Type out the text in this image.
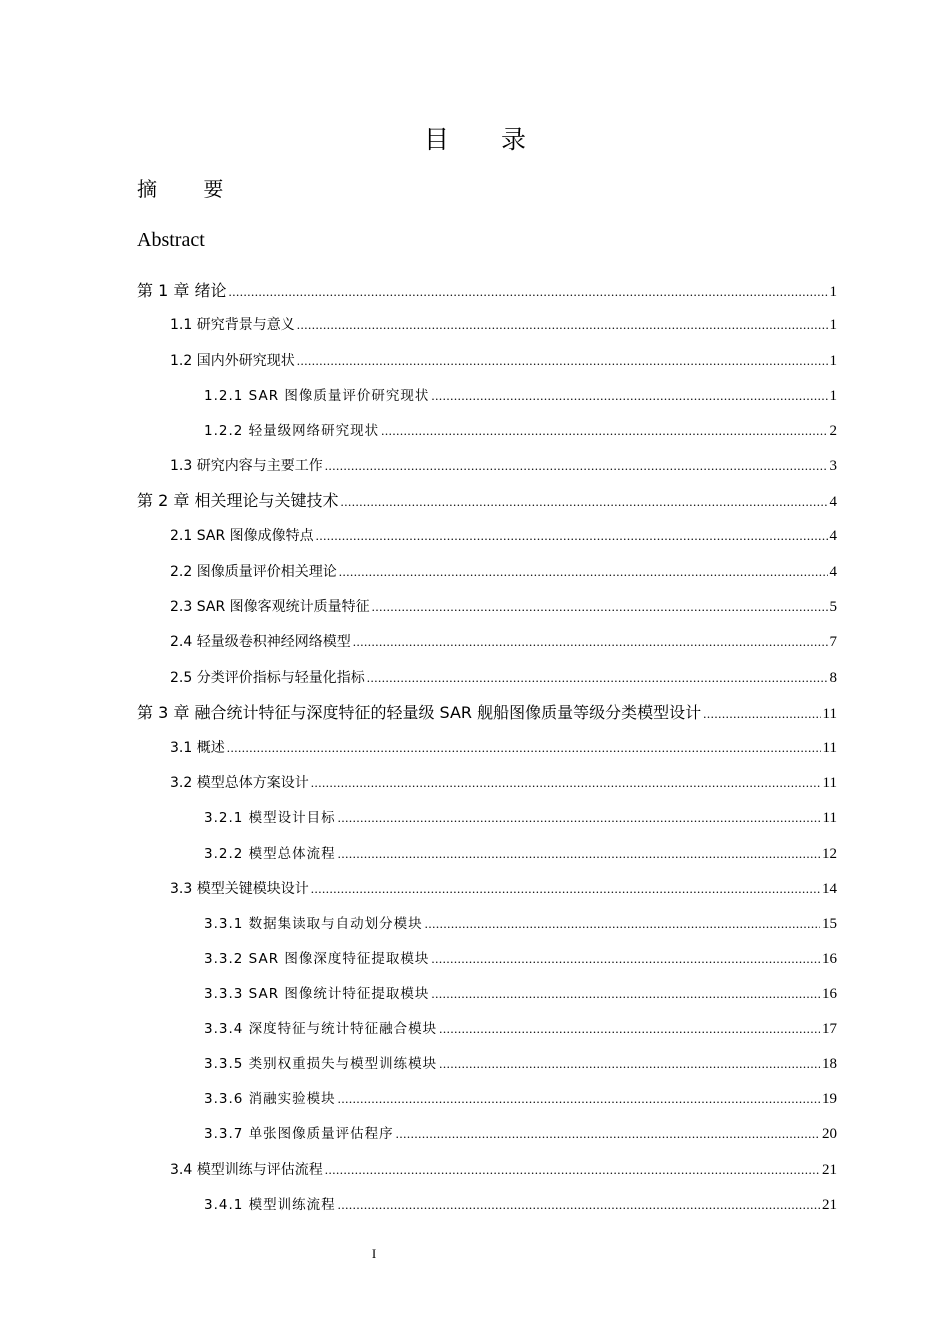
目 录
摘 要
Abstract
第 1 章 绪论 .....	1
1.1 研究背景与意义 .....	1
1.2 国内外研究现状 .....	1
1.2.1 SAR 图像质量评价研究现状 .....	1
1.2.2 轻量级网络研究现状 .....	2
1.3 研究内容与主要工作 .....	3
第 2 章 相关理论与关键技术 .....	4
2.1 SAR 图像成像特点 .....	4
2.2 图像质量评价相关理论 .....	4
2.3 SAR 图像客观统计质量特征 .....	5
2.4 轻量级卷积神经网络模型 .....	7
2.5 分类评价指标与轻量化指标 .....	8
第 3 章 融合统计特征与深度特征的轻量级 SAR 舰船图像质量等级分类模型设计 .....	11
3.1 概述 .....	11
3.2 模型总体方案设计 .....	11
3.2.1 模型设计目标 .....	11
3.2.2 模型总体流程 .....	12
3.3 模型关键模块设计 .....	14
3.3.1 数据集读取与自动划分模块 .....	15
3.3.2 SAR 图像深度特征提取模块 .....	16
3.3.3 SAR 图像统计特征提取模块 .....	16
3.3.4 深度特征与统计特征融合模块 .....	17
3.3.5 类别权重损失与模型训练模块 .....	18
3.3.6 消融实验模块 .....	19
3.3.7 单张图像质量评估程序 .....	20
3.4 模型训练与评估流程 .....	21
3.4.1 模型训练流程 .....	21
I
